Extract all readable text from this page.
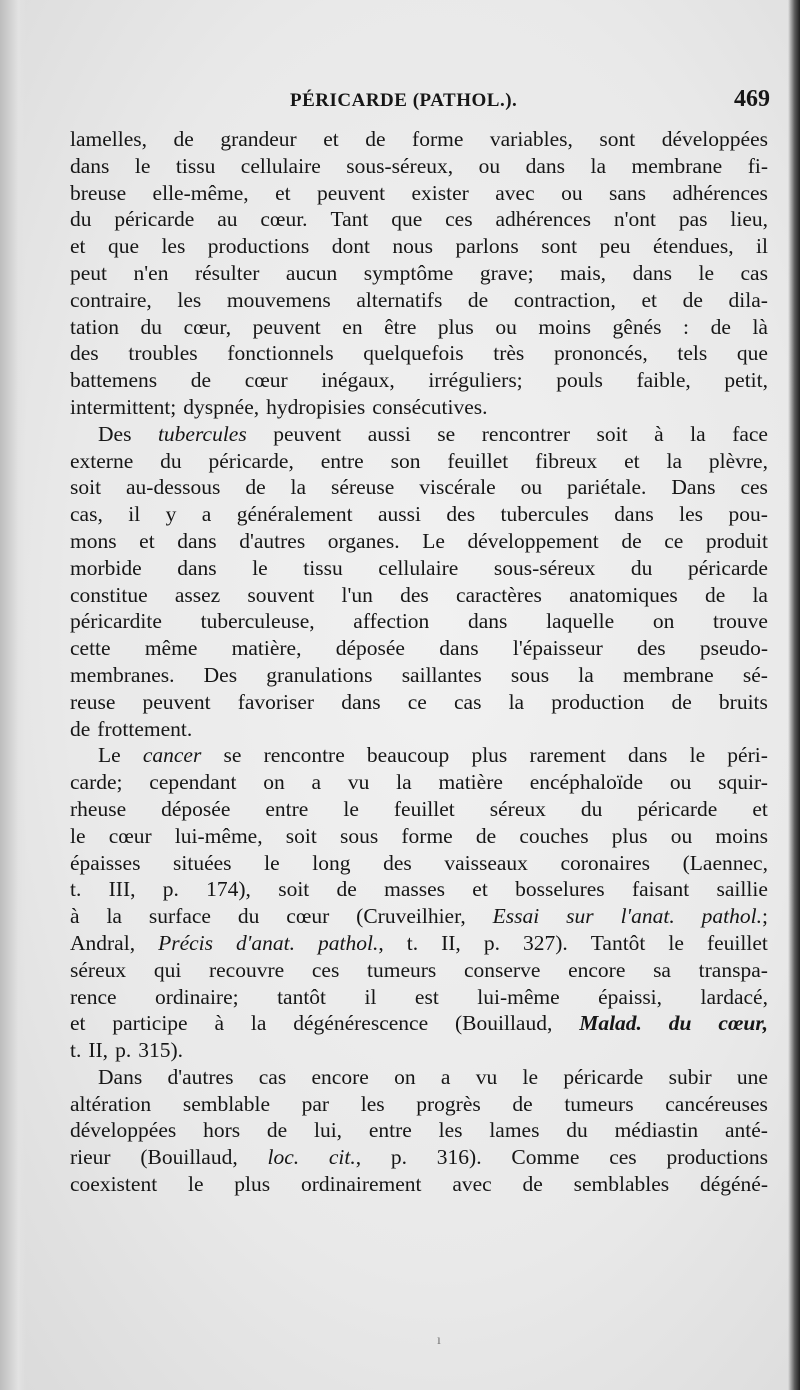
PÉRICARDE (PATHOL.).	469
lamelles, de grandeur et de forme variables, sont développées
dans le tissu cellulaire sous-séreux, ou dans la membrane fi-
breuse elle-même, et peuvent exister avec ou sans adhérences
du péricarde au cœur. Tant que ces adhérences n'ont pas lieu,
et que les productions dont nous parlons sont peu étendues, il
peut n'en résulter aucun symptôme grave; mais, dans le cas
contraire, les mouvemens alternatifs de contraction, et de dila-
tation du cœur, peuvent en être plus ou moins gênés : de là
des troubles fonctionnels quelquefois très prononcés, tels que
battemens de cœur inégaux, irréguliers; pouls faible, petit,
intermittent; dyspnée, hydropisies consécutives.
Des tubercules peuvent aussi se rencontrer soit à la face
externe du péricarde, entre son feuillet fibreux et la plèvre,
soit au-dessous de la séreuse viscérale ou pariétale. Dans ces
cas, il y a généralement aussi des tubercules dans les pou-
mons et dans d'autres organes. Le développement de ce produit
morbide dans le tissu cellulaire sous-séreux du péricarde
constitue assez souvent l'un des caractères anatomiques de la
péricardite tuberculeuse, affection dans laquelle on trouve
cette même matière, déposée dans l'épaisseur des pseudo-
membranes. Des granulations saillantes sous la membrane sé-
reuse peuvent favoriser dans ce cas la production de bruits
de frottement.
Le cancer se rencontre beaucoup plus rarement dans le péri-
carde; cependant on a vu la matière encéphaloïde ou squir-
rheuse déposée entre le feuillet séreux du péricarde et
le cœur lui-même, soit sous forme de couches plus ou moins
épaisses situées le long des vaisseaux coronaires (Laennec,
t. III, p. 174), soit de masses et bosselures faisant saillie
à la surface du cœur (Cruveilhier, Essai sur l'anat. pathol.;
Andral, Précis d'anat. pathol., t. II, p. 327). Tantôt le feuillet
séreux qui recouvre ces tumeurs conserve encore sa transpa-
rence ordinaire; tantôt il est lui-même épaissi, lardacé,
et participe à la dégénérescence (Bouillaud, Malad. du cœur,
t. II, p. 315).
Dans d'autres cas encore on a vu le péricarde subir une
altération semblable par les progrès de tumeurs cancéreuses
développées hors de lui, entre les lames du médiastin anté-
rieur (Bouillaud, loc. cit., p. 316). Comme ces productions
coexistent le plus ordinairement avec de semblables dégéné-
ı
